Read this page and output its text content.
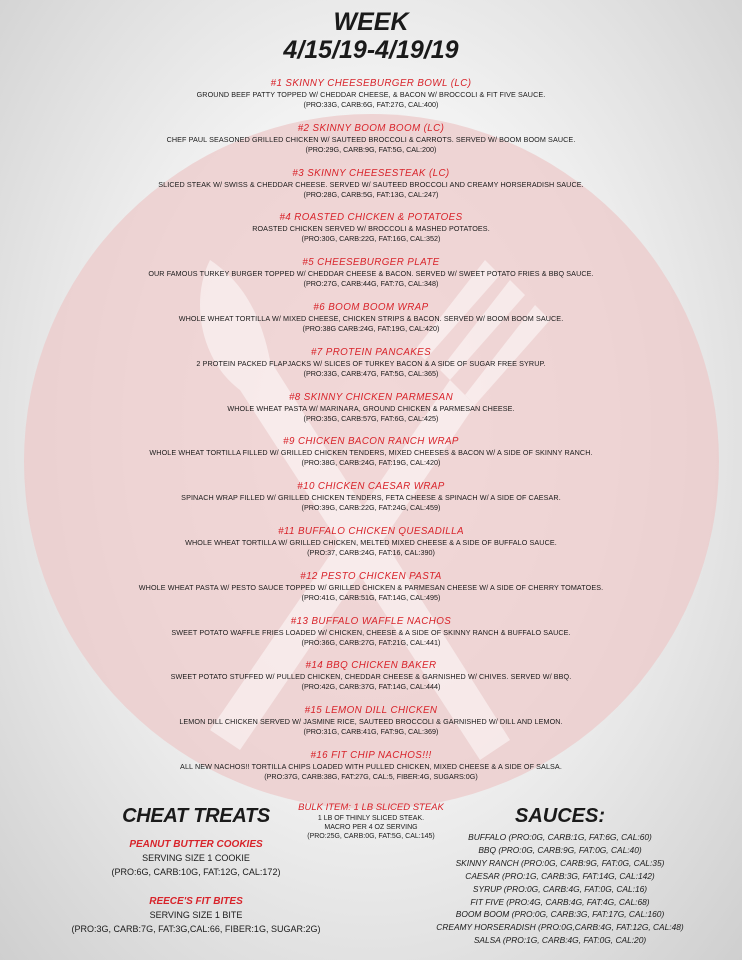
WEEK
4/15/19-4/19/19
#1 SKINNY CHEESEBURGER BOWL (LC)
GROUND BEEF PATTY TOPPED W/ CHEDDAR CHEESE, & BACON W/ BROCCOLI & FIT FIVE SAUCE.
(PRO:33G, CARB:6G, FAT:27G, CAL:400)
#2 SKINNY BOOM BOOM (LC)
CHEF PAUL SEASONED GRILLED CHICKEN W/ SAUTEED BROCCOLI & CARROTS. SERVED W/ BOOM BOOM SAUCE.
(PRO:29G, CARB:9G, FAT:5G, CAL:200)
#3 SKINNY CHEESESTEAK (LC)
SLICED STEAK W/ SWISS & CHEDDAR CHEESE. SERVED W/ SAUTEED BROCCOLI AND CREAMY HORSERADISH SAUCE.
(PRO:28G, CARB:5G, FAT:13G, CAL:247)
#4 ROASTED CHICKEN & POTATOES
ROASTED CHICKEN SERVED W/ BROCCOLI & MASHED POTATOES.
(PRO:30G, CARB:22G, FAT:16G, CAL:352)
#5 CHEESEBURGER PLATE
OUR FAMOUS TURKEY BURGER TOPPED W/ CHEDDAR CHEESE & BACON. SERVED W/ SWEET POTATO FRIES & BBQ SAUCE.
(PRO:27G, CARB:44G, FAT:7G, CAL:348)
#6 BOOM BOOM WRAP
WHOLE WHEAT TORTILLA W/ MIXED CHEESE, CHICKEN STRIPS & BACON. SERVED W/ BOOM BOOM SAUCE.
(PRO:38G CARB:24G, FAT:19G, CAL:420)
#7 PROTEIN PANCAKES
2 PROTEIN PACKED FLAPJACKS W/ SLICES OF TURKEY BACON & A SIDE OF SUGAR FREE SYRUP.
(PRO:33G, CARB:47G, FAT:5G, CAL:365)
#8 SKINNY CHICKEN PARMESAN
WHOLE WHEAT PASTA W/ MARINARA, GROUND CHICKEN & PARMESAN CHEESE.
(PRO:35G, CARB:57G, FAT:6G, CAL:425)
#9 CHICKEN BACON RANCH WRAP
WHOLE WHEAT TORTILLA FILLED W/ GRILLED CHICKEN TENDERS, MIXED CHEESES & BACON W/ A SIDE OF SKINNY RANCH.
(PRO:38G, CARB:24G, FAT:19G, CAL:420)
#10 CHICKEN CAESAR WRAP
SPINACH WRAP FILLED W/ GRILLED CHICKEN TENDERS, FETA CHEESE & SPINACH W/ A SIDE OF CAESAR.
(PRO:39G, CARB:22G, FAT:24G, CAL:459)
#11 BUFFALO CHICKEN QUESADILLA
WHOLE WHEAT TORTILLA W/ GRILLED CHICKEN, MELTED MIXED CHEESE & A SIDE OF BUFFALO SAUCE.
(PRO:37, CARB:24G, FAT:16, CAL:390)
#12 PESTO CHICKEN PASTA
WHOLE WHEAT PASTA W/ PESTO SAUCE TOPPED W/ GRILLED CHICKEN & PARMESAN CHEESE W/ A SIDE OF CHERRY TOMATOES.
(PRO:41G, CARB:51G, FAT:14G, CAL:495)
#13 BUFFALO WAFFLE NACHOS
SWEET POTATO WAFFLE FRIES LOADED W/ CHICKEN, CHEESE & A SIDE OF SKINNY RANCH & BUFFALO SAUCE.
(PRO:36G, CARB:27G, FAT:21G, CAL:441)
#14 BBQ CHICKEN BAKER
SWEET POTATO STUFFED W/ PULLED CHICKEN, CHEDDAR CHEESE & GARNISHED W/ CHIVES. SERVED W/ BBQ.
(PRO:42G, CARB:37G, FAT:14G, CAL:444)
#15 LEMON DILL CHICKEN
LEMON DILL CHICKEN SERVED W/ JASMINE RICE, SAUTEED BROCCOLI & GARNISHED W/ DILL AND LEMON.
(PRO:31G, CARB:41G, FAT:9G, CAL:369)
#16 FIT CHIP NACHOS!!!
ALL NEW NACHOS!! TORTILLA CHIPS LOADED WITH PULLED CHICKEN, MIXED CHEESE & A SIDE OF SALSA.
(PRO:37G, CARB:38G, FAT:27G, CAL:5, FIBER:4G, SUGARS:0G)
CHEAT TREATS
PEANUT BUTTER COOKIES
SERVING SIZE 1 COOKIE
(PRO:6G, CARB:10G, FAT:12G, CAL:172)
REECE'S FIT BITES
SERVING SIZE 1 BITE
(PRO:3G, CARB:7G, FAT:3G,CAL:66, FIBER:1G, SUGAR:2G)
BULK ITEM: 1 LB SLICED STEAK
1 LB OF THINLY SLICED STEAK.
MACRO PER 4 OZ SERVING
(PRO:25G, CARB:0G, FAT:5G, CAL:145)
SAUCES:
BUFFALO (PRO:0G, CARB:1G, FAT:6G, CAL:60)
BBQ (PRO:0G, CARB:9G, FAT:0G, CAL:40)
SKINNY RANCH (PRO:0G, CARB:9G, FAT:0G, CAL:35)
CAESAR (PRO:1G, CARB:3G, FAT:14G, CAL:142)
SYRUP (PRO:0G, CARB:4G, FAT:0G, CAL:16)
FIT FIVE (PRO:4G, CARB:4G, FAT:4G, CAL:68)
BOOM BOOM (PRO:0G, CARB:3G, FAT:17G, CAL:160)
CREAMY HORSERADISH (PRO:0G,CARB:4G, FAT:12G, CAL:48)
SALSA (PRO:1G, CARB:4G, FAT:0G, CAL:20)
